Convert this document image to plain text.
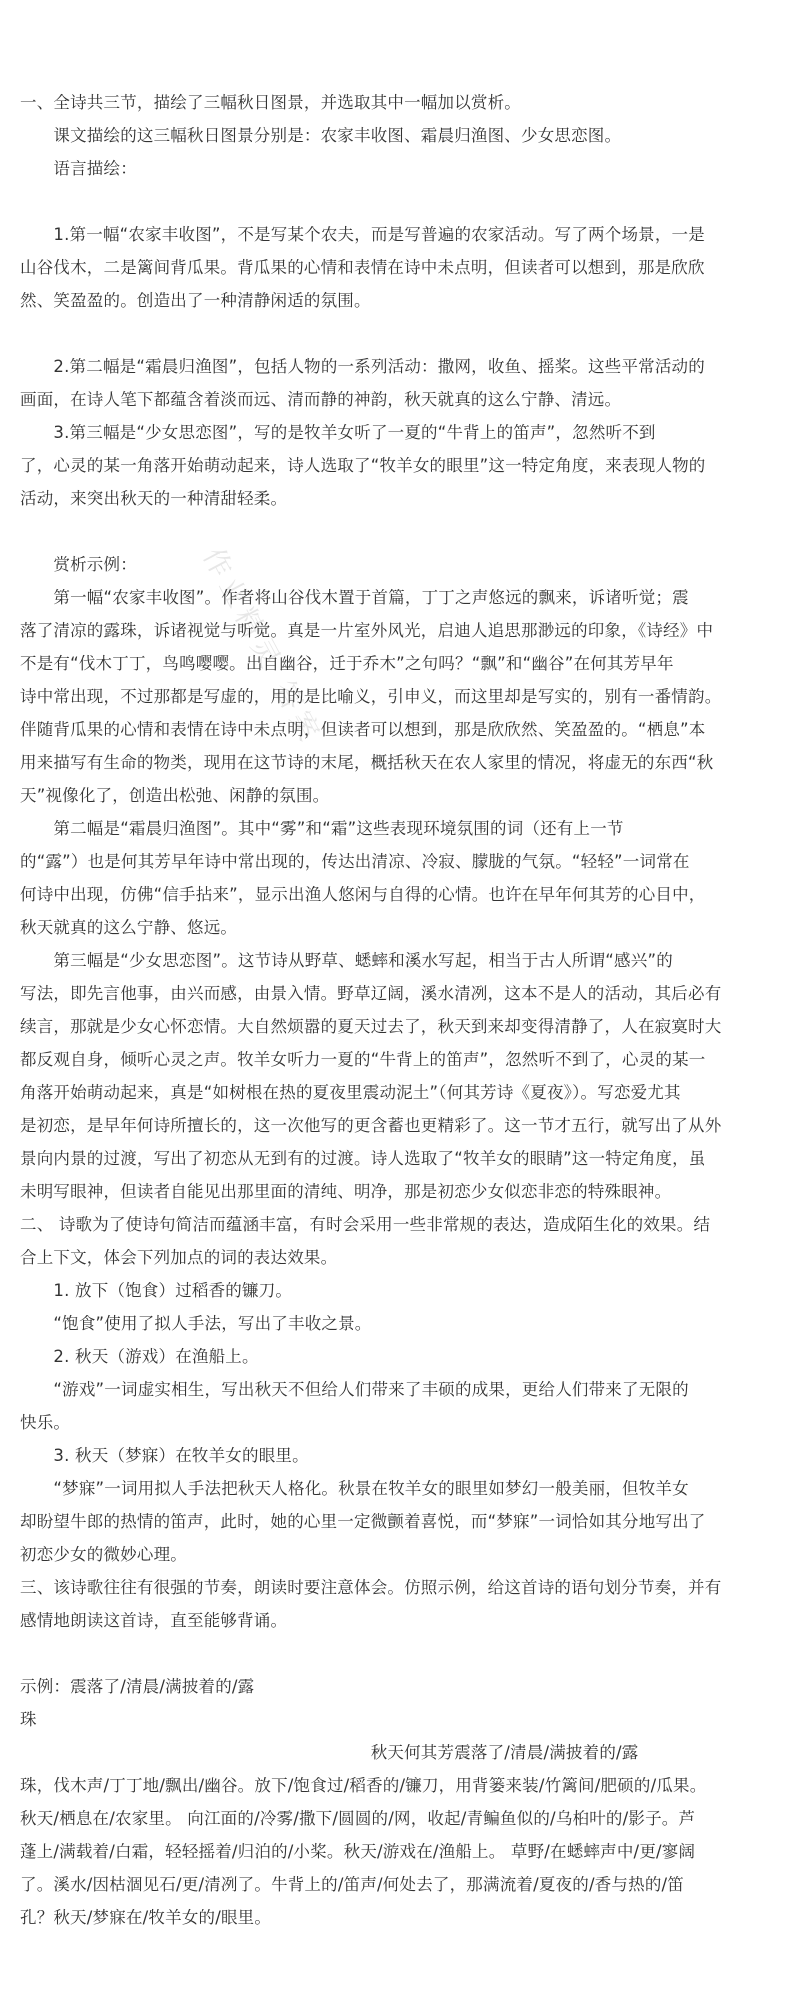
作业精灵 答案
一、全诗共三节，描绘了三幅秋日图景，并选取其中一幅加以赏析。
　　课文描绘的这三幅秋日图景分别是：农家丰收图、霜晨归渔图、少女思恋图。
　　语言描绘：
　　1.第一幅“农家丰收图”，不是写某个农夫，而是写普遍的农家活动。写了两个场景，一是
山谷伐木，二是篱间背瓜果。背瓜果的心情和表情在诗中未点明，但读者可以想到，那是欣欣
然、笑盈盈的。创造出了一种清静闲适的氛围。
　　2.第二幅是“霜晨归渔图”，包括人物的一系列活动：撒网，收鱼、摇桨。这些平常活动的
画面，在诗人笔下都蕴含着淡而远、清而静的神韵，秋天就真的这么宁静、清远。
　　3.第三幅是“少女思恋图”，写的是牧羊女听了一夏的“牛背上的笛声”，忽然听不到
了，心灵的某一角落开始萌动起来，诗人选取了“牧羊女的眼里”这一特定角度，来表现人物的
活动，来突出秋天的一种清甜轻柔。
　　赏析示例：
　　第一幅“农家丰收图”。作者将山谷伐木置于首篇，丁丁之声悠远的飘来，诉诸听觉；震
落了清凉的露珠，诉诸视觉与听觉。真是一片室外风光，启迪人追思那渺远的印象，《诗经》中
不是有“伐木丁丁，鸟鸣嘤嘤。出自幽谷，迁于乔木”之句吗？“飘”和“幽谷”在何其芳早年
诗中常出现，不过那都是写虚的，用的是比喻义，引申义，而这里却是写实的，别有一番情韵。
伴随背瓜果的心情和表情在诗中未点明，但读者可以想到，那是欣欣然、笑盈盈的。“栖息”本
用来描写有生命的物类，现用在这节诗的末尾，概括秋天在农人家里的情况，将虚无的东西“秋
天”视像化了，创造出松弛、闲静的氛围。
　　第二幅是“霜晨归渔图”。其中“雾”和“霜”这些表现环境氛围的词（还有上一节
的“露”）也是何其芳早年诗中常出现的，传达出清凉、冷寂、朦胧的气氛。“轻轻”一词常在
何诗中出现，仿佛“信手拈来”，显示出渔人悠闲与自得的心情。也许在早年何其芳的心目中，
秋天就真的这么宁静、悠远。
　　第三幅是“少女思恋图”。这节诗从野草、蟋蟀和溪水写起，相当于古人所谓“感兴”的
写法，即先言他事，由兴而感，由景入情。野草辽阔，溪水清冽，这本不是人的活动，其后必有
续言，那就是少女心怀恋情。大自然烦嚣的夏天过去了，秋天到来却变得清静了，人在寂寞时大
都反观自身，倾听心灵之声。牧羊女听力一夏的“牛背上的笛声”，忽然听不到了，心灵的某一
角落开始萌动起来，真是“如树根在热的夏夜里震动泥土”（何其芳诗《夏夜》）。写恋爱尤其
是初恋，是早年何诗所擅长的，这一次他写的更含蓄也更精彩了。这一节才五行，就写出了从外
景向内景的过渡，写出了初恋从无到有的过渡。诗人选取了“牧羊女的眼睛”这一特定角度，虽
未明写眼神，但读者自能见出那里面的清纯、明净，那是初恋少女似恋非恋的特殊眼神。
二、 诗歌为了使诗句简洁而蕴涵丰富，有时会采用一些非常规的表达，造成陌生化的效果。结
合上下文，体会下列加点的词的表达效果。
　　1. 放下（饱食）过稻香的镰刀。
　　“饱食”使用了拟人手法，写出了丰收之景。
　　2. 秋天（游戏）在渔船上。
　　“游戏”一词虚实相生，写出秋天不但给人们带来了丰硕的成果，更给人们带来了无限的
快乐。
　　3. 秋天（梦寐）在牧羊女的眼里。
　　“梦寐”一词用拟人手法把秋天人格化。秋景在牧羊女的眼里如梦幻一般美丽，但牧羊女
却盼望牛郎的热情的笛声，此时，她的心里一定微颤着喜悦，而“梦寐”一词恰如其分地写出了
初恋少女的微妙心理。
三、该诗歌往往有很强的节奏，朗读时要注意体会。仿照示例，给这首诗的语句划分节奏，并有
感情地朗读这首诗，直至能够背诵。
示例：震落了/清晨/满披着的/露
珠
　　　　　　　　　　　　　　　　　　　　　秋天何其芳震落了/清晨/满披着的/露
珠，伐木声/丁丁地/飘出/幽谷。放下/饱食过/稻香的/镰刀，用背篓来装/竹篱间/肥硕的/瓜果。
秋天/栖息在/农家里。 向江面的/冷雾/撒下/圆圆的/网，收起/青鳊鱼似的/乌桕叶的/影子。芦
蓬上/满载着/白霜，轻轻摇着/归泊的/小桨。秋天/游戏在/渔船上。 草野/在蟋蟀声中/更/寥阔
了。溪水/因枯涸见石/更/清冽了。牛背上的/笛声/何处去了，那满流着/夏夜的/香与热的/笛
孔？秋天/梦寐在/牧羊女的/眼里。
